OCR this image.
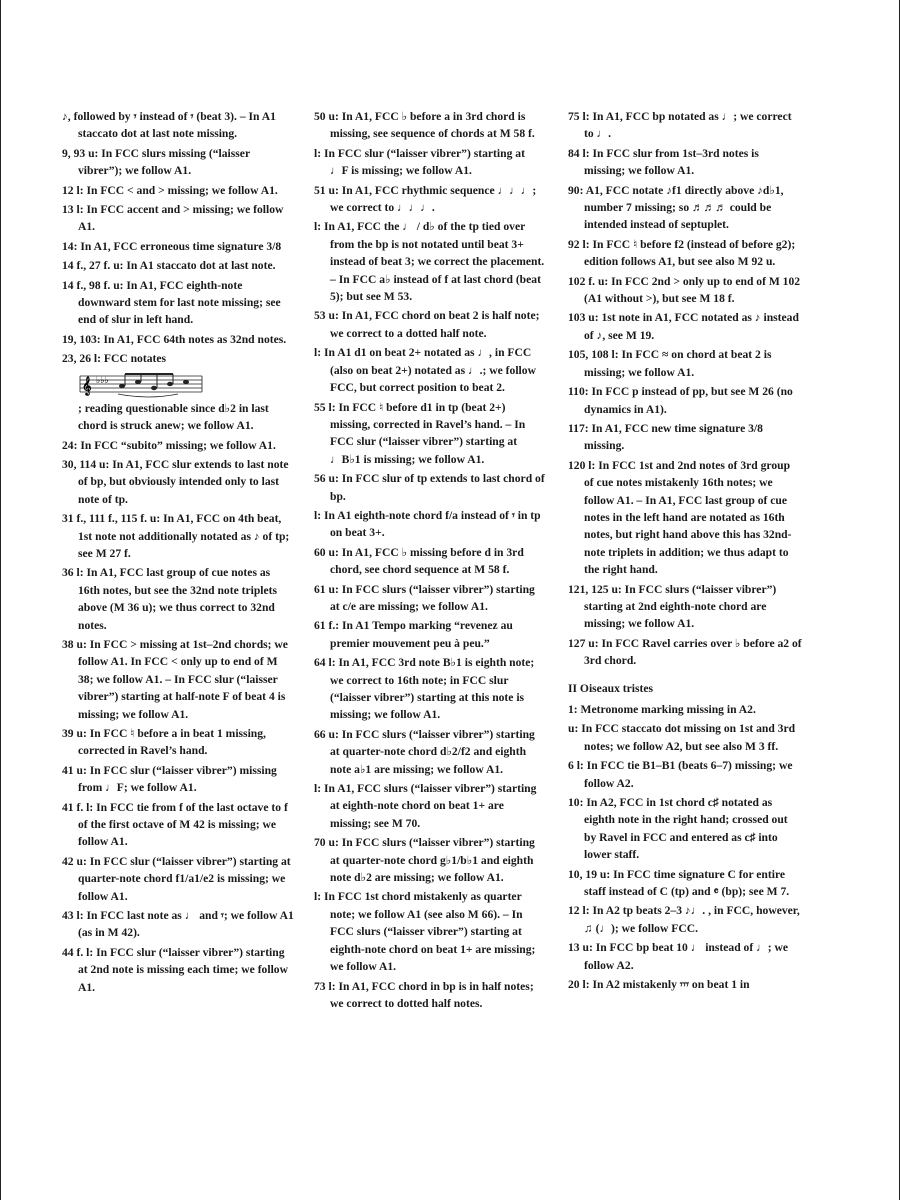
♪, followed by 𝄾 instead of 𝄾 (beat 3). – In A1 staccato dot at last note missing.

9, 93 u: In FCC slurs missing (“laisser vibrer”); we follow A1.

12 l: In FCC < and > missing; we follow A1.

13 l: In FCC accent and > missing; we follow A1.

14: In A1, FCC erroneous time signature 3/8

14 f., 27 f. u: In A1 staccato dot at last note.

14 f., 98 f. u: In A1, FCC eighth-note downward stem for last note missing; see end of slur in left hand.

19, 103: In A1, FCC 64th notes as 32nd notes.

23, 26 l: FCC notates

𝄞 ♭♭♭

; reading questionable since d♭2 in last chord is struck anew; we follow A1.

24: In FCC “subito” missing; we follow A1.

30, 114 u: In A1, FCC slur extends to last note of bp, but obviously intended only to last note of tp.

31 f., 111 f., 115 f. u: In A1, FCC on 4th beat, 1st note not additionally notated as ♪ of tp; see M 27 f.

36 l: In A1, FCC last group of cue notes as 16th notes, but see the 32nd note triplets above (M 36 u); we thus correct to 32nd notes.

38 u: In FCC > missing at 1st–2nd chords; we follow A1. In FCC < only up to end of M 38; we follow A1. – In FCC slur (“laisser vibrer”) starting at half-note F of beat 4 is missing; we follow A1.

39 u: In FCC ♮ before a in beat 1 missing, corrected in Ravel’s hand.

41 u: In FCC slur (“laisser vibrer”) missing from ♩F; we follow A1.

41 f. l: In FCC tie from f of the last octave to f of the first octave of M 42 is missing; we follow A1.

42 u: In FCC slur (“laisser vibrer”) starting at quarter-note chord f1/a1/e2 is missing; we follow A1.

43 l: In FCC last note as ♩ and 𝄾; we follow A1 (as in M 42).

44 f. l: In FCC slur (“laisser vibrer”) starting at 2nd note is missing each time; we follow A1.

50 u: In A1, FCC ♭ before a in 3rd chord is missing, see sequence of chords at M 58 f.

l: In FCC slur (“laisser vibrer”) starting at ♩F is missing; we follow A1.

51 u: In A1, FCC rhythmic sequence ♩♩♩; we correct to ♩♩♩.

l: In A1, FCC the ♩ / d♭ of the tp tied over from the bp is not notated until beat 3+ instead of beat 3; we correct the placement. – In FCC a♭ instead of f at last chord (beat 5); but see M 53.

53 u: In A1, FCC chord on beat 2 is half note; we correct to a dotted half note.

l: In A1 d1 on beat 2+ notated as ♩, in FCC (also on beat 2+) notated as ♩.; we follow FCC, but correct position to beat 2.

55 l: In FCC ♮ before d1 in tp (beat 2+) missing, corrected in Ravel’s hand. – In FCC slur (“laisser vibrer”) starting at ♩B♭1 is missing; we follow A1.

56 u: In FCC slur of tp extends to last chord of bp.

l: In A1 eighth-note chord f/a instead of 𝄾 in tp on beat 3+.

60 u: In A1, FCC ♭ missing before d in 3rd chord, see chord sequence at M 58 f.

61 u: In FCC slurs (“laisser vibrer”) starting at c/e are missing; we follow A1.

61 f.: In A1 Tempo marking “revenez au premier mouvement peu à peu.”

64 l: In A1, FCC 3rd note B♭1 is eighth note; we correct to 16th note; in FCC slur (“laisser vibrer”) starting at this note is missing; we follow A1.

66 u: In FCC slurs (“laisser vibrer”) starting at quarter-note chord d♭2/f2 and eighth note a♭1 are missing; we follow A1.

l: In A1, FCC slurs (“laisser vibrer”) starting at eighth-note chord on beat 1+ are missing; see M 70.

70 u: In FCC slurs (“laisser vibrer”) starting at quarter-note chord g♭1/b♭1 and eighth note d♭2 are missing; we follow A1.

l: In FCC 1st chord mistakenly as quarter note; we follow A1 (see also M 66). – In FCC slurs (“laisser vibrer”) starting at eighth-note chord on beat 1+ are missing; we follow A1.

73 l: In A1, FCC chord in bp is in half notes; we correct to dotted half notes.

75 l: In A1, FCC bp notated as ♩; we correct to ♩.

84 l: In FCC slur from 1st–3rd notes is missing; we follow A1.

90: A1, FCC notate ♪f1 directly above ♪d♭1, number 7 missing; so ♬♬♬ could be intended instead of septuplet.

92 l: In FCC ♮ before f2 (instead of before g2); edition follows A1, but see also M 92 u.

102 f. u: In FCC 2nd > only up to end of M 102 (A1 without >), but see M 18 f.

103 u: 1st note in A1, FCC notated as ♪ instead of ♪, see M 19.

105, 108 l: In FCC ≈ on chord at beat 2 is missing; we follow A1.

110: In FCC p instead of pp, but see M 26 (no dynamics in A1).

117: In A1, FCC new time signature 3/8 missing.

120 l: In FCC 1st and 2nd notes of 3rd group of cue notes mistakenly 16th notes; we follow A1. – In A1, FCC last group of cue notes in the left hand are notated as 16th notes, but right hand above this has 32nd-note triplets in addition; we thus adapt to the right hand.

121, 125 u: In FCC slurs (“laisser vibrer”) starting at 2nd eighth-note chord are missing; we follow A1.

127 u: In FCC Ravel carries over ♭ before a2 of 3rd chord.

II Oiseaux tristes

1: Metronome marking missing in A2.

u: In FCC staccato dot missing on 1st and 3rd notes; we follow A2, but see also M 3 ff.

6 l: In FCC tie B1–B1 (beats 6–7) missing; we follow A2.

10: In A2, FCC in 1st chord c♯ notated as eighth note in the right hand; crossed out by Ravel in FCC and entered as c♯ into lower staff.

10, 19 u: In FCC time signature C for entire staff instead of C (tp) and 𝄴 (bp); see M 7.

12 l: In A2 tp beats 2–3 ♪♩. , in FCC, however, ♫ (♩); we follow FCC.

13 u: In FCC bp beat 10 ♩ instead of ♩; we follow A2.

20 l: In A2 mistakenly 𝄾𝄾𝄾 on beat 1 in
